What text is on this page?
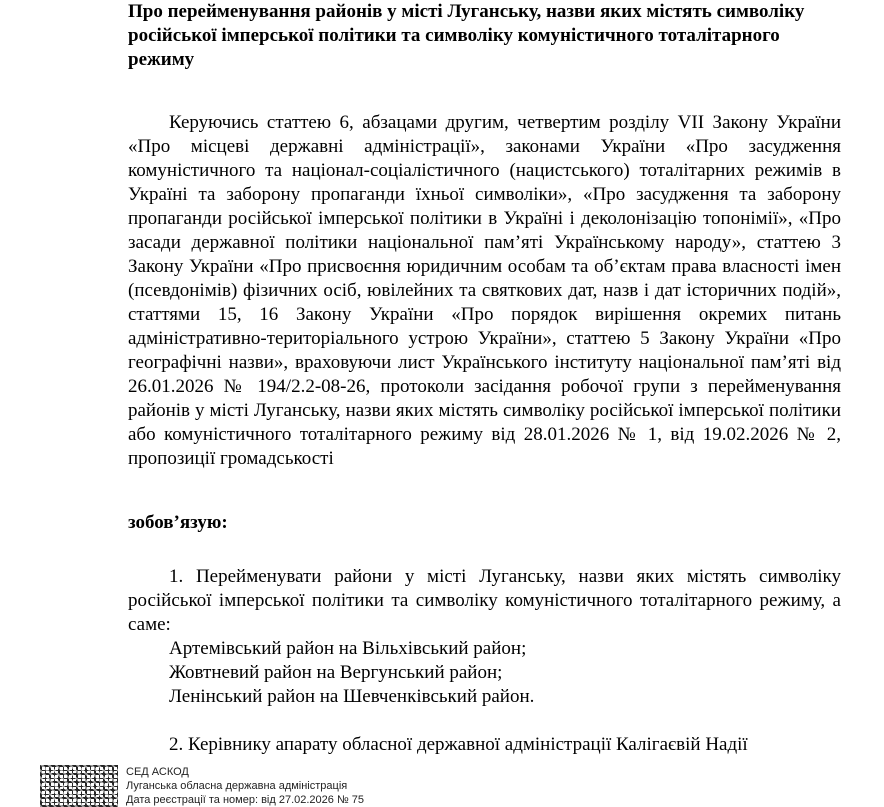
Про перейменування районів у місті Луганську, назви яких містять символіку російської імперської політики та символіку комуністичного тоталітарного режиму

Керуючись статтею 6, абзацами другим, четвертим розділу VII Закону України «Про місцеві державні адміністрації», законами України «Про засудження комуністичного та націонал-соціалістичного (нацистського) тоталітарних режимів в Україні та заборону пропаганди їхньої символіки», «Про засудження та заборону пропаганди російської імперської політики в Україні і деколонізацію топонімії», «Про засади державної політики національної пам’яті Українському народу», статтею 3 Закону України «Про присвоєння юридичним особам та об’єктам права власності імен (псевдонімів) фізичних осіб, ювілейних та святкових дат, назв і дат історичних подій», статтями 15, 16 Закону України «Про порядок вирішення окремих питань адміністративно-територіального устрою України», статтею 5 Закону України «Про географічні назви», враховуючи лист Українського інституту національної пам’яті від 26.01.2026 № 194/2.2-08-26, протоколи засідання робочої групи з перейменування районів у місті Луганську, назви яких містять символіку російської імперської політики або комуністичного тоталітарного режиму від 28.01.2026 № 1, від 19.02.2026 № 2, пропозиції громадськості

зобов’язую:

1. Перейменувати райони у місті Луганську, назви яких містять символіку російської імперської політики та символіку комуністичного тоталітарного режиму, а саме:

Артемівський район на Вільхівський район;
Жовтневий район на Вергунський район;
Ленінський район на Шевченківський район.

2. Керівнику апарату обласної державної адміністрації Калігаєвій Надії

СЕД АСКОД
Луганська обласна державна адміністрація
Дата реєстрації та номер: від 27.02.2026 № 75
